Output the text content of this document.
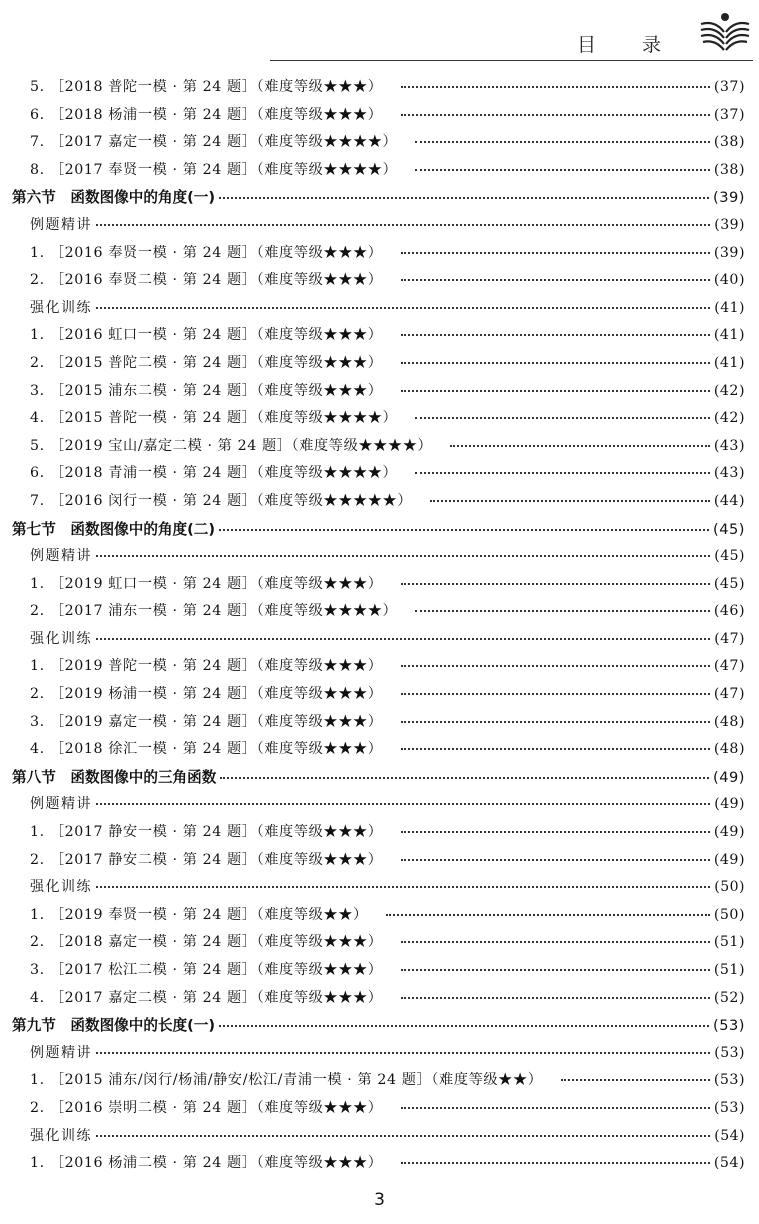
目 录
5. ［2018 普陀一模 · 第 24 题］（难度等级★★★）	(37)
6. ［2018 杨浦一模 · 第 24 题］（难度等级★★★）	(37)
7. ［2017 嘉定一模 · 第 24 题］（难度等级★★★★）	(38)
8. ［2017 奉贤一模 · 第 24 题］（难度等级★★★★）	(38)
第六节　函数图像中的角度(一)	(39)
例题精讲	(39)
1. ［2016 奉贤一模 · 第 24 题］（难度等级★★★）	(39)
2. ［2016 奉贤二模 · 第 24 题］（难度等级★★★）	(40)
强化训练	(41)
1. ［2016 虹口一模 · 第 24 题］（难度等级★★★）	(41)
2. ［2015 普陀二模 · 第 24 题］（难度等级★★★）	(41)
3. ［2015 浦东二模 · 第 24 题］（难度等级★★★）	(42)
4. ［2015 普陀一模 · 第 24 题］（难度等级★★★★）	(42)
5. ［2019 宝山/嘉定二模 · 第 24 题］（难度等级★★★★）	(43)
6. ［2018 青浦一模 · 第 24 题］（难度等级★★★★）	(43)
7. ［2016 闵行一模 · 第 24 题］（难度等级★★★★★）	(44)
第七节　函数图像中的角度(二)	(45)
例题精讲	(45)
1. ［2019 虹口一模 · 第 24 题］（难度等级★★★）	(45)
2. ［2017 浦东一模 · 第 24 题］（难度等级★★★★）	(46)
强化训练	(47)
1. ［2019 普陀一模 · 第 24 题］（难度等级★★★）	(47)
2. ［2019 杨浦一模 · 第 24 题］（难度等级★★★）	(47)
3. ［2019 嘉定一模 · 第 24 题］（难度等级★★★）	(48)
4. ［2018 徐汇一模 · 第 24 题］（难度等级★★★）	(48)
第八节　函数图像中的三角函数	(49)
例题精讲	(49)
1. ［2017 静安一模 · 第 24 题］（难度等级★★★）	(49)
2. ［2017 静安二模 · 第 24 题］（难度等级★★★）	(49)
强化训练	(50)
1. ［2019 奉贤一模 · 第 24 题］（难度等级★★）	(50)
2. ［2018 嘉定一模 · 第 24 题］（难度等级★★★）	(51)
3. ［2017 松江二模 · 第 24 题］（难度等级★★★）	(51)
4. ［2017 嘉定二模 · 第 24 题］（难度等级★★★）	(52)
第九节　函数图像中的长度(一)	(53)
例题精讲	(53)
1. ［2015 浦东/闵行/杨浦/静安/松江/青浦一模 · 第 24 题］（难度等级★★）	(53)
2. ［2016 崇明二模 · 第 24 题］（难度等级★★★）	(53)
强化训练	(54)
1. ［2016 杨浦二模 · 第 24 题］（难度等级★★★）	(54)
3
